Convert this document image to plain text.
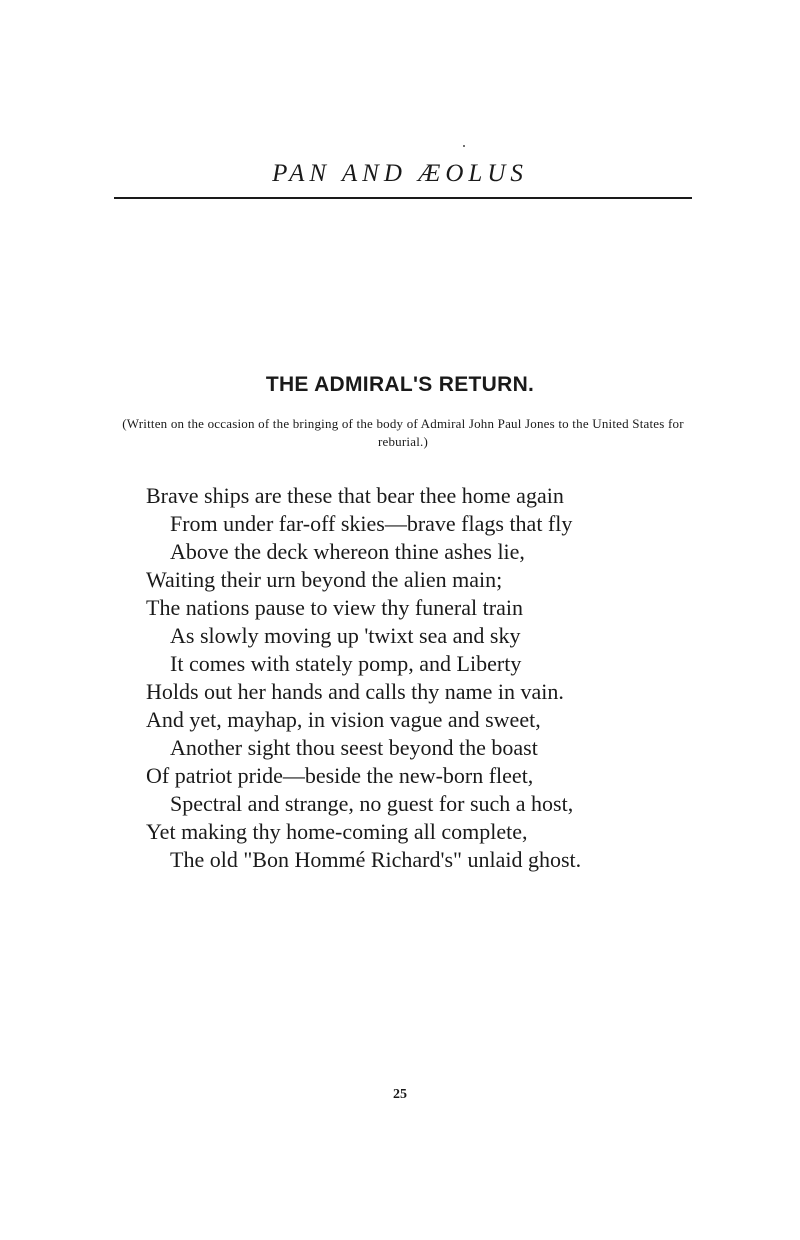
PAN AND ÆOLUS
THE ADMIRAL'S RETURN.
(Written on the occasion of the bringing of the body of Admiral John Paul Jones to the United States for reburial.)
Brave ships are these that bear thee home again
From under far-off skies—brave flags that fly
Above the deck whereon thine ashes lie,
Waiting their urn beyond the alien main;
The nations pause to view thy funeral train
As slowly moving up 'twixt sea and sky
It comes with stately pomp, and Liberty
Holds out her hands and calls thy name in vain.
And yet, mayhap, in vision vague and sweet,
Another sight thou seest beyond the boast
Of patriot pride—beside the new-born fleet,
Spectral and strange, no guest for such a host,
Yet making thy home-coming all complete,
The old "Bon Hommé Richard's" unlaid ghost.
25
